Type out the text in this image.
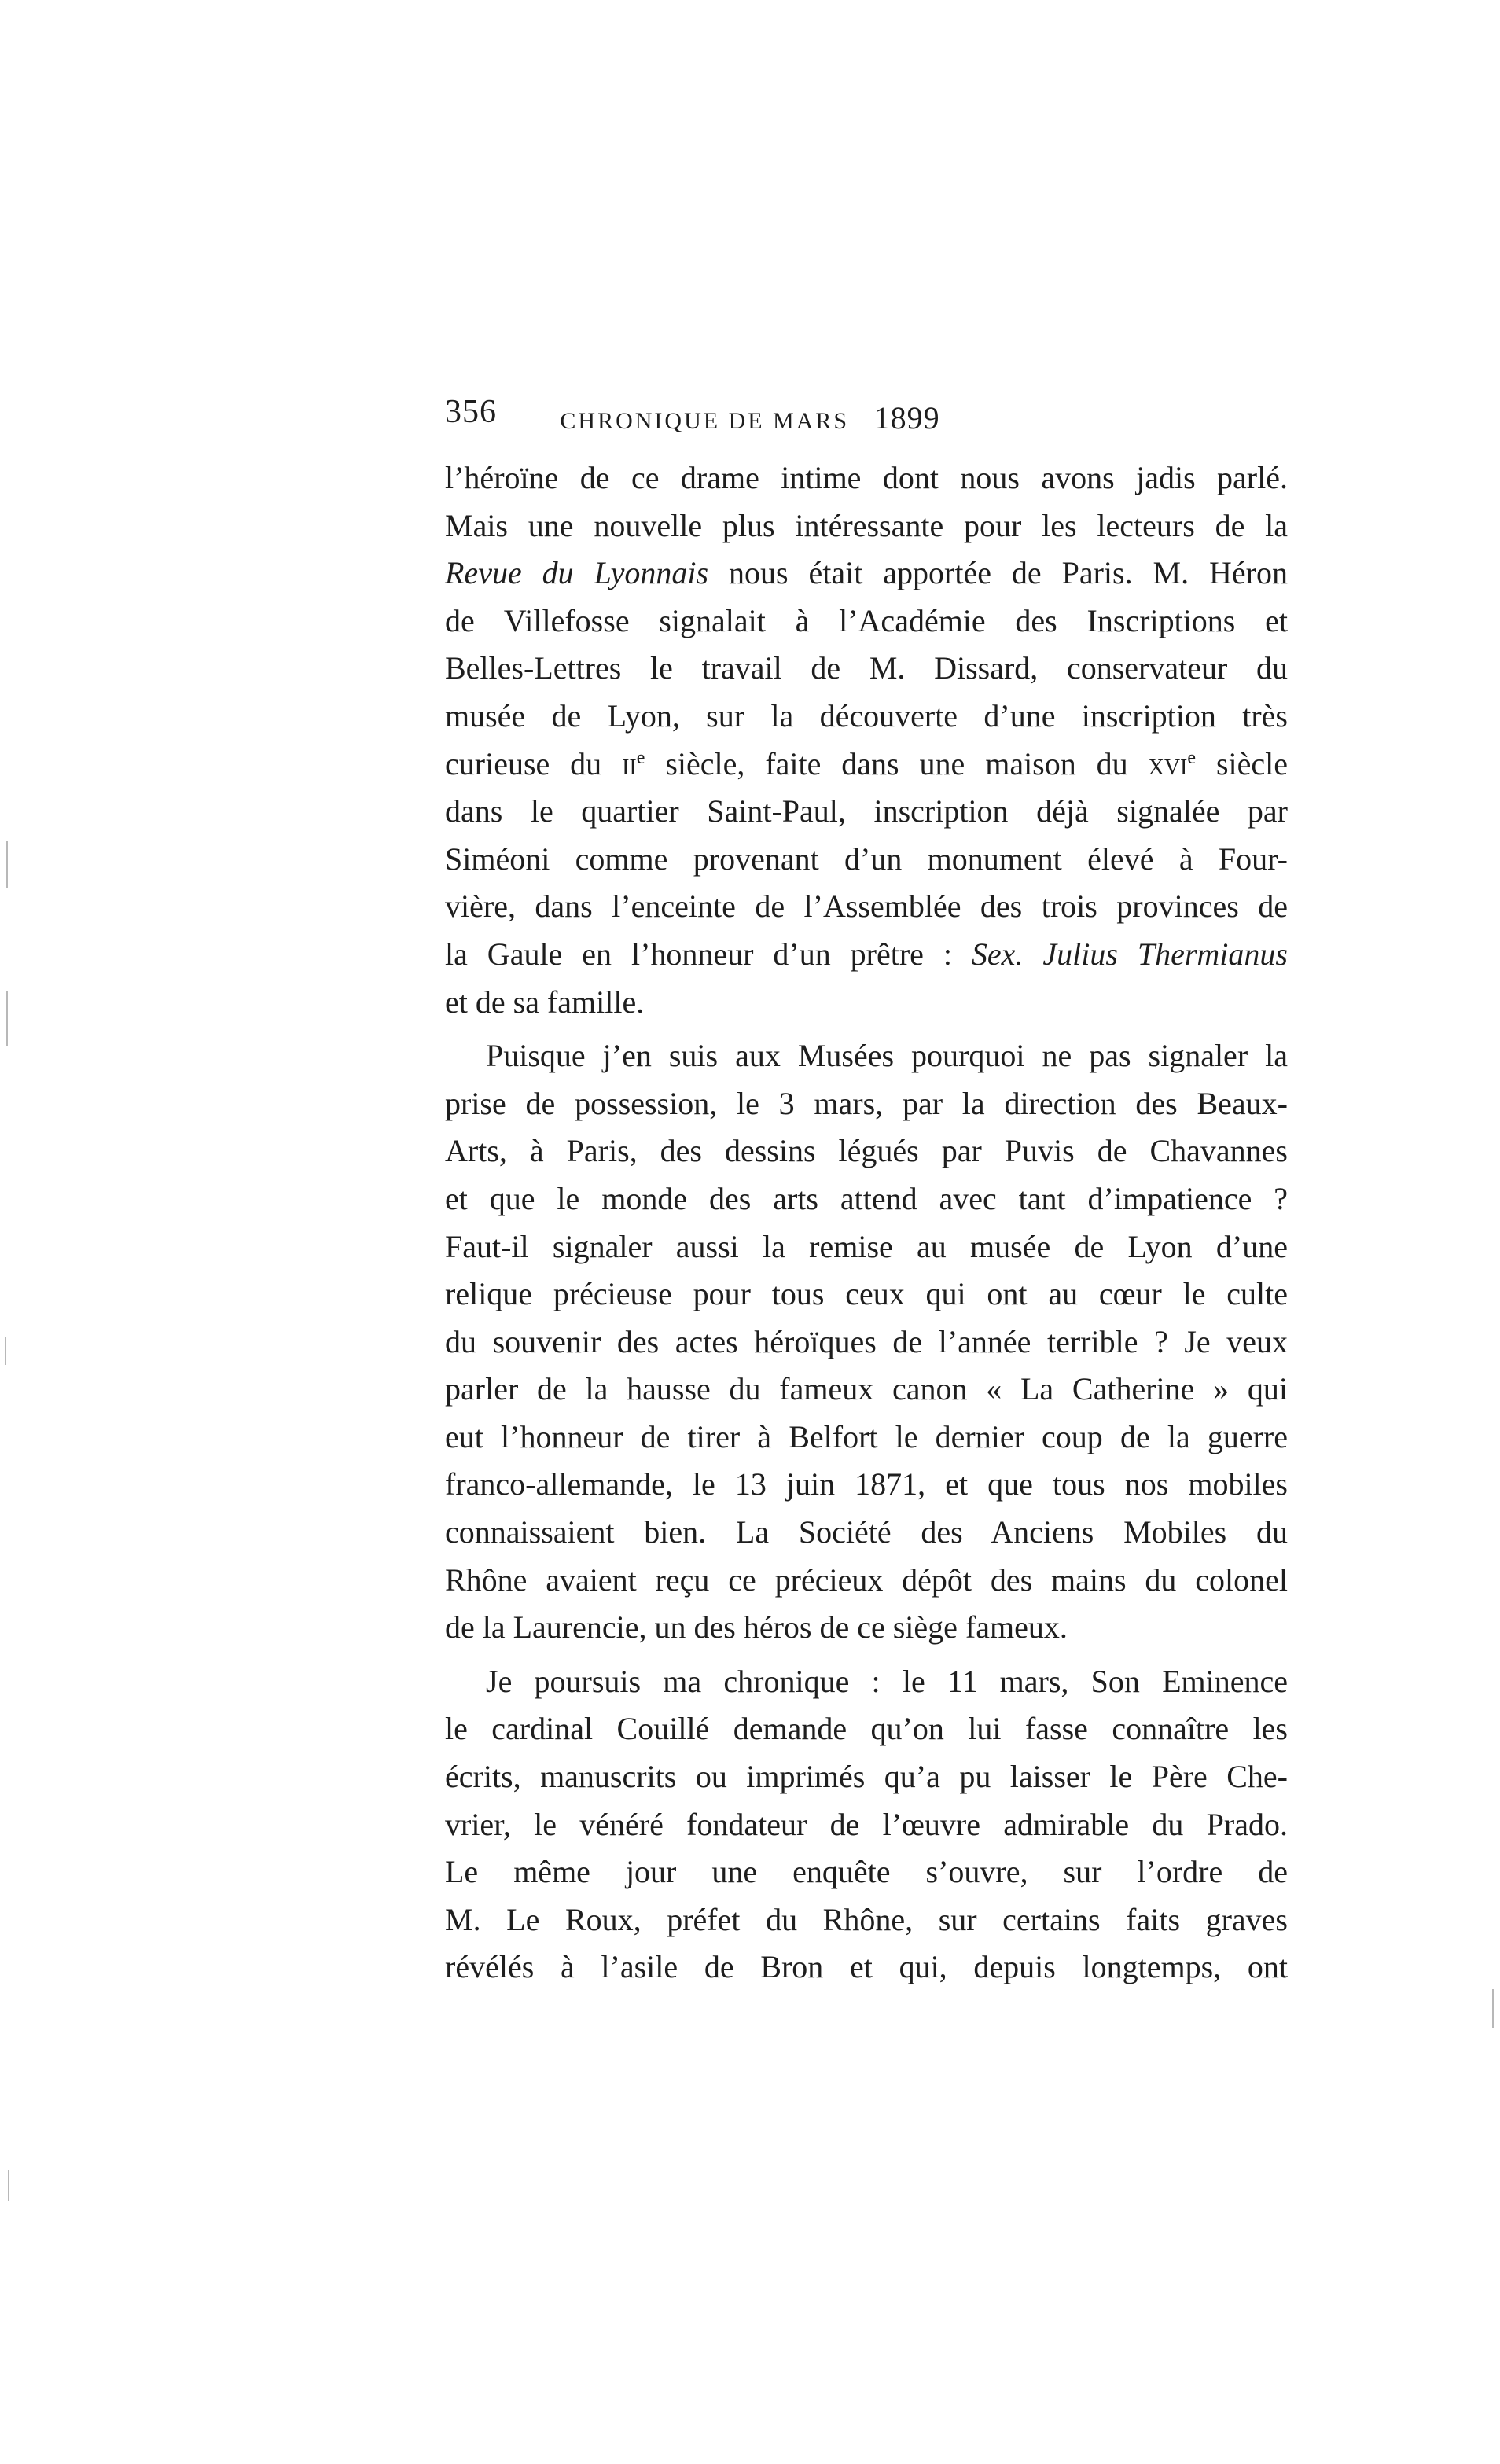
356	CHRONIQUE DE MARS 1899
l’héroïne de ce drame intime dont nous avons jadis parlé.
Mais une nouvelle plus intéressante pour les lecteurs de la
Revue du Lyonnais nous était apportée de Paris. M. Héron
de Villefosse signalait à l’Académie des Inscriptions et
Belles-Lettres le travail de M. Dissard, conservateur du
musée de Lyon, sur la découverte d’une inscription très
curieuse du $ii^e$ siècle, faite dans une maison du xvi$^e$ siècle
dans le quartier Saint-Paul, inscription déjà signalée par
Siméoni comme provenant d’un monument élevé à Four-
vière, dans l’enceinte de l’Assemblée des trois provinces de
la Gaule en l’honneur d’un prêtre : Sex. Julius Thermianus
et de sa famille.
Puisque j’en suis aux Musées pourquoi ne pas signaler la
prise de possession, le 3 mars, par la direction des Beaux-
Arts, à Paris, des dessins légués par Puvis de Chavannes
et que le monde des arts attend avec tant d’impatience ?
Faut-il signaler aussi la remise au musée de Lyon d’une
relique précieuse pour tous ceux qui ont au cœur le culte
du souvenir des actes héroïques de l’année terrible ? Je veux
parler de la hausse du fameux canon « La Catherine » qui
eut l’honneur de tirer à Belfort le dernier coup de la guerre
franco-allemande, le 13 juin 1871, et que tous nos mobiles
connaissaient bien. La Société des Anciens Mobiles du
Rhône avaient reçu ce précieux dépôt des mains du colonel
de la Laurencie, un des héros de ce siège fameux.
Je poursuis ma chronique : le 11 mars, Son Eminence
le cardinal Couillé demande qu’on lui fasse connaître les
écrits, manuscrits ou imprimés qu’a pu laisser le Père Che-
vrier, le vénéré fondateur de l’œuvre admirable du Prado.
Le même jour une enquête s’ouvre, sur l’ordre de
M. Le Roux, préfet du Rhône, sur certains faits graves
révélés à l’asile de Bron et qui, depuis longtemps, ont
